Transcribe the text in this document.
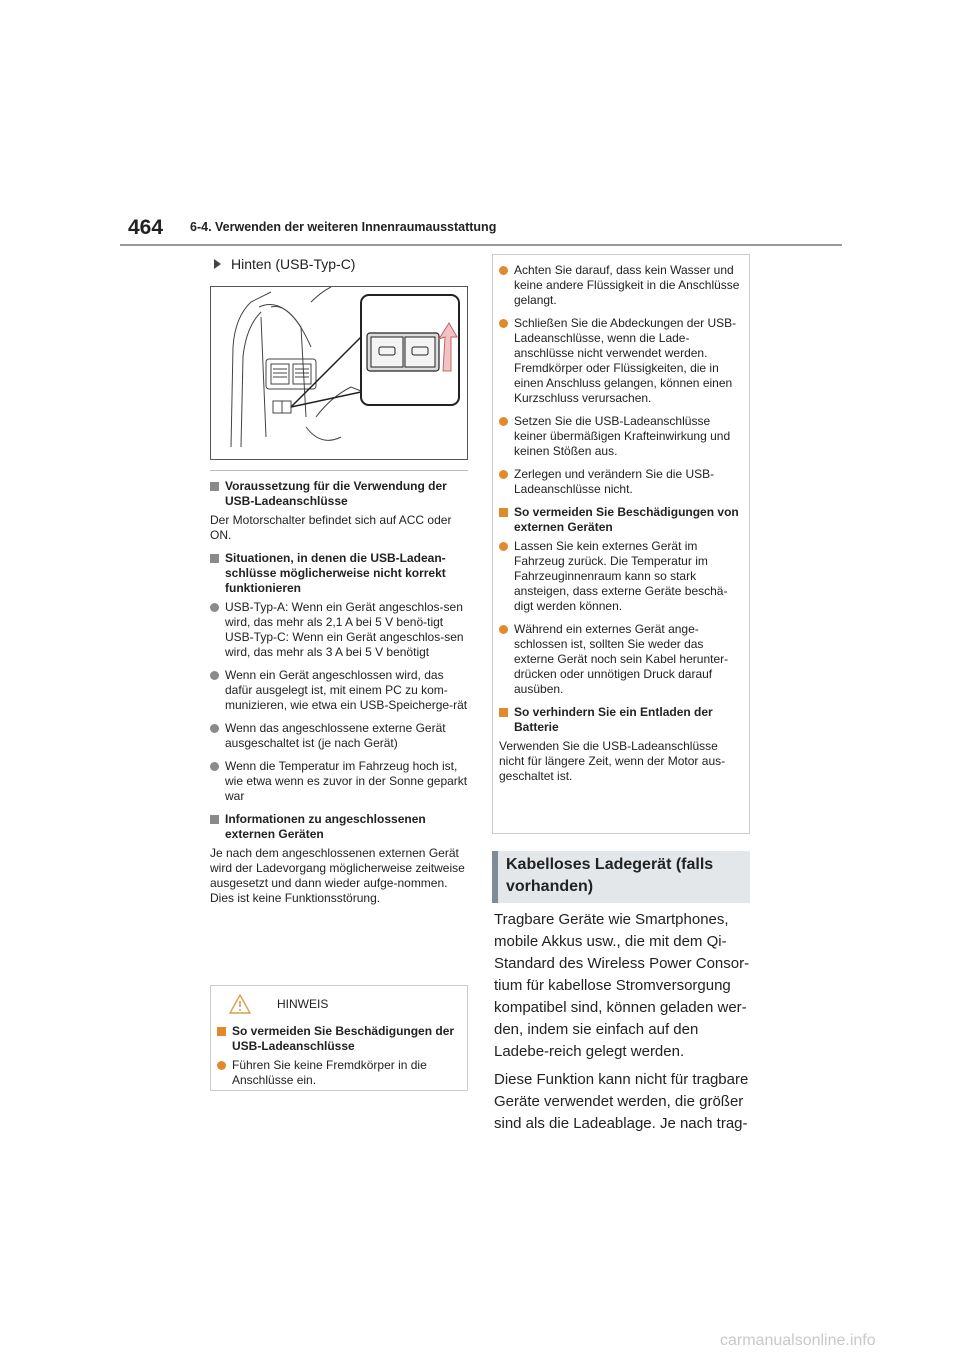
464 6-4. Verwenden der weiteren Innenraumausstattung
Hinten (USB-Typ-C)
Voraussetzung für die Verwendung der USB-Ladeanschlüsse
Der Motorschalter befindet sich auf ACC oder ON.
Situationen, in denen die USB-Ladean-schlüsse möglicherweise nicht korrekt funktionieren
USB-Typ-A: Wenn ein Gerät angeschlos-sen wird, das mehr als 2,1 A bei 5 V benö-tigt
USB-Typ-C: Wenn ein Gerät angeschlos-sen wird, das mehr als 3 A bei 5 V benötigt
Wenn ein Gerät angeschlossen wird, das dafür ausgelegt ist, mit einem PC zu kom-munizieren, wie etwa ein USB-Speicherge-rät
Wenn das angeschlossene externe Gerät ausgeschaltet ist (je nach Gerät)
Wenn die Temperatur im Fahrzeug hoch ist, wie etwa wenn es zuvor in der Sonne geparkt war
Informationen zu angeschlossenen externen Geräten
Je nach dem angeschlossenen externen Gerät wird der Ladevorgang möglicherweise zeitweise ausgesetzt und dann wieder aufge-nommen. Dies ist keine Funktionsstörung.
HINWEIS
So vermeiden Sie Beschädigungen der USB-Ladeanschlüsse
Führen Sie keine Fremdkörper in die Anschlüsse ein.
Achten Sie darauf, dass kein Wasser und keine andere Flüssigkeit in die Anschlüsse gelangt.
Schließen Sie die Abdeckungen der USB-Ladeanschlüsse, wenn die Lade-anschlüsse nicht verwendet werden. Fremdkörper oder Flüssigkeiten, die in einen Anschluss gelangen, können einen Kurzschluss verursachen.
Setzen Sie die USB-Ladeanschlüsse keiner übermäßigen Krafteinwirkung und keinen Stößen aus.
Zerlegen und verändern Sie die USB-Ladeanschlüsse nicht.
So vermeiden Sie Beschädigungen von externen Geräten
Lassen Sie kein externes Gerät im Fahrzeug zurück. Die Temperatur im Fahrzeuginnenraum kann so stark ansteigen, dass externe Geräte beschä-digt werden können.
Während ein externes Gerät ange-schlossen ist, sollten Sie weder das externe Gerät noch sein Kabel herunter-drücken oder unnötigen Druck darauf ausüben.
So verhindern Sie ein Entladen der Batterie
Verwenden Sie die USB-Ladeanschlüsse nicht für längere Zeit, wenn der Motor aus-geschaltet ist.
Kabelloses Ladegerät (falls
vorhanden)

Tragbare Geräte wie Smartphones, mobile Akkus usw., die mit dem Qi-Standard des Wireless Power Consor-tium für kabellose Stromversorgung kompatibel sind, können geladen wer-den, indem sie einfach auf den Ladebe-reich gelegt werden.

Diese Funktion kann nicht für tragbare Geräte verwendet werden, die größer sind als die Ladeablage. Je nach trag-

carmanualsonline.info
